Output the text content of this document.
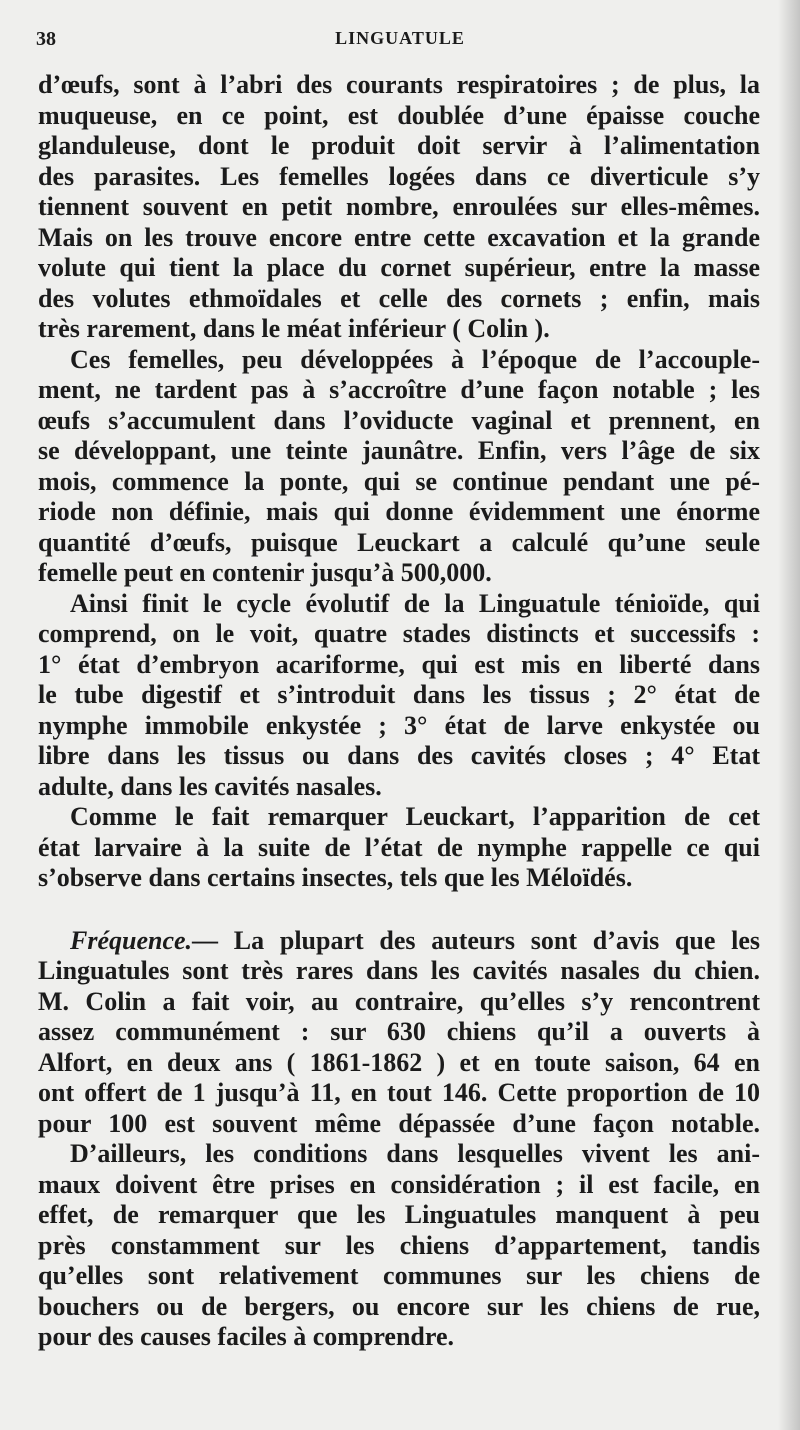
38	LINGUATULE
d’œufs, sont à l’abri des courants respiratoires ; de plus, la
muqueuse, en ce point, est doublée d’une épaisse couche
glanduleuse, dont le produit doit servir à l’alimentation
des parasites. Les femelles logées dans ce diverticule s’y
tiennent souvent en petit nombre, enroulées sur elles-mêmes.
Mais on les trouve encore entre cette excavation et la grande
volute qui tient la place du cornet supérieur, entre la masse
des volutes ethmoïdales et celle des cornets ; enfin, mais
très rarement, dans le méat inférieur ( Colin ).
Ces femelles, peu développées à l’époque de l’accouple-
ment, ne tardent pas à s’accroître d’une façon notable ; les
œufs s’accumulent dans l’oviducte vaginal et prennent, en
se développant, une teinte jaunâtre. Enfin, vers l’âge de six
mois, commence la ponte, qui se continue pendant une pé-
riode non définie, mais qui donne évidemment une énorme
quantité d’œufs, puisque Leuckart a calculé qu’une seule
femelle peut en contenir jusqu’à 500,000.
Ainsi finit le cycle évolutif de la Linguatule ténioïde, qui
comprend, on le voit, quatre stades distincts et successifs :
1° état d’embryon acariforme, qui est mis en liberté dans
le tube digestif et s’introduit dans les tissus ; 2° état de
nymphe immobile enkystée ; 3° état de larve enkystée ou
libre dans les tissus ou dans des cavités closes ; 4° Etat
adulte, dans les cavités nasales.
Comme le fait remarquer Leuckart, l’apparition de cet
état larvaire à la suite de l’état de nymphe rappelle ce qui
s’observe dans certains insectes, tels que les Méloïdés.
Fréquence.— La plupart des auteurs sont d’avis que les
Linguatules sont très rares dans les cavités nasales du chien.
M. Colin a fait voir, au contraire, qu’elles s’y rencontrent
assez communément : sur 630 chiens qu’il a ouverts à
Alfort, en deux ans ( 1861-1862 ) et en toute saison, 64 en
ont offert de 1 jusqu’à 11, en tout 146. Cette proportion de 10
pour 100 est souvent même dépassée d’une façon notable.
D’ailleurs, les conditions dans lesquelles vivent les ani-
maux doivent être prises en considération ; il est facile, en
effet, de remarquer que les Linguatules manquent à peu
près constamment sur les chiens d’appartement, tandis
qu’elles sont relativement communes sur les chiens de
bouchers ou de bergers, ou encore sur les chiens de rue,
pour des causes faciles à comprendre.
